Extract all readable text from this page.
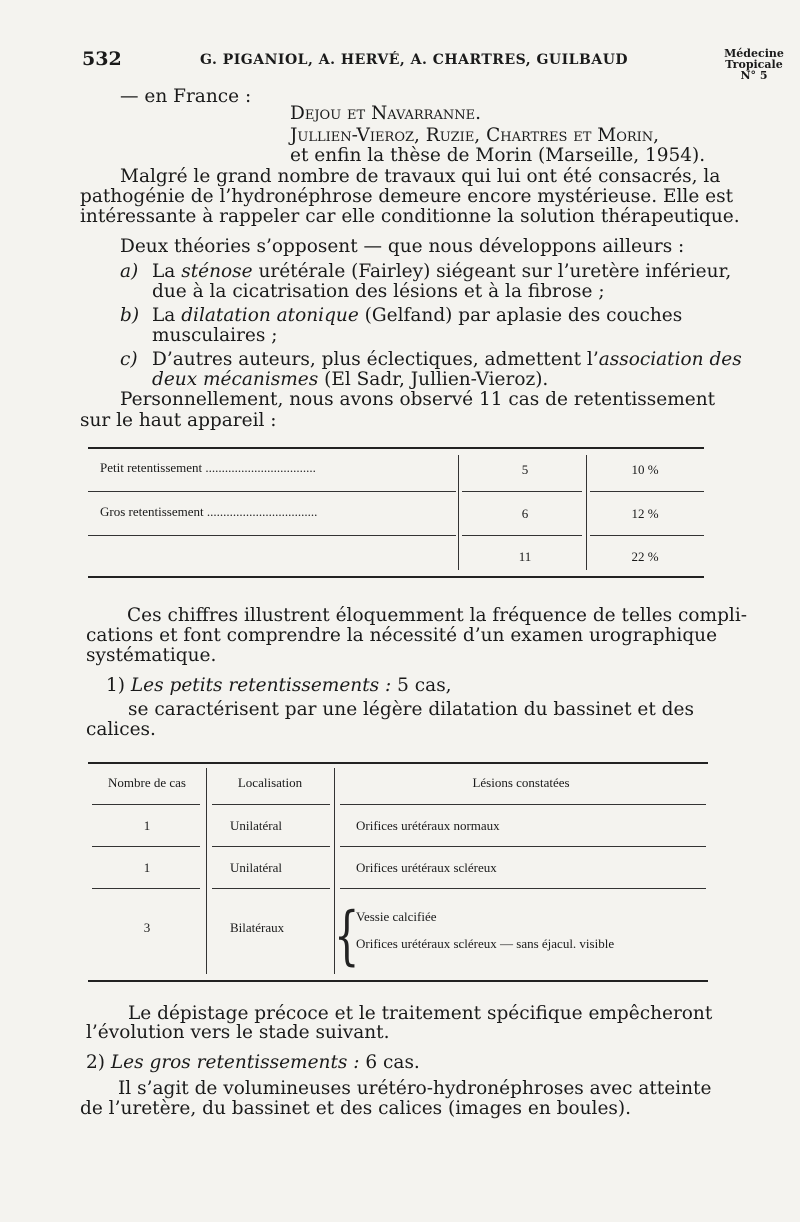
532	G. PIGANIOL, A. HERVÉ, A. CHARTRES, GUILBAUD	Médecine
Tropicale
N° 5
— en France :
Dejou et Navarranne.
Jullien-Vieroz, Ruzie, Chartres et Morin,
et enfin la thèse de Morin (Marseille, 1954).
Malgré le grand nombre de travaux qui lui ont été consacrés, la
pathogénie de l’hydronéphrose demeure encore mystérieuse. Elle est
intéressante à rappeler car elle conditionne la solution thérapeutique.
Deux théories s’opposent — que nous développons ailleurs :
a) La sténose urétérale (Fairley) siégeant sur l’uretère inférieur,
due à la cicatrisation des lésions et à la fibrose ;
b) La dilatation atonique (Gelfand) par aplasie des couches
musculaires ;
c) D’autres auteurs, plus éclectiques, admettent l’association des
deux mécanismes (El Sadr, Jullien-Vieroz).
Personnellement, nous avons observé 11 cas de retentissement
sur le haut appareil :
Petit retentissement ..................................	5	10 %
Gros retentissement ..................................	6	12 %
11	22 %
Ces chiffres illustrent éloquemment la fréquence de telles compli-
cations et font comprendre la nécessité d’un examen urographique
systématique.
1) Les petits retentissements : 5 cas,
se caractérisent par une légère dilatation du bassinet et des
calices.
Nombre de cas	Localisation	Lésions constatées
1	Unilatéral	Orifices urétéraux normaux
1	Unilatéral	Orifices urétéraux scléreux
3	Bilatéraux {
Vessie calcifiée
Orifices urétéraux scléreux — sans éjacul. visible
Le dépistage précoce et le traitement spécifique empêcheront
l’évolution vers le stade suivant.
2) Les gros retentissements : 6 cas.
Il s’agit de volumineuses urétéro-hydronéphroses avec atteinte
de l’uretère, du bassinet et des calices (images en boules).
